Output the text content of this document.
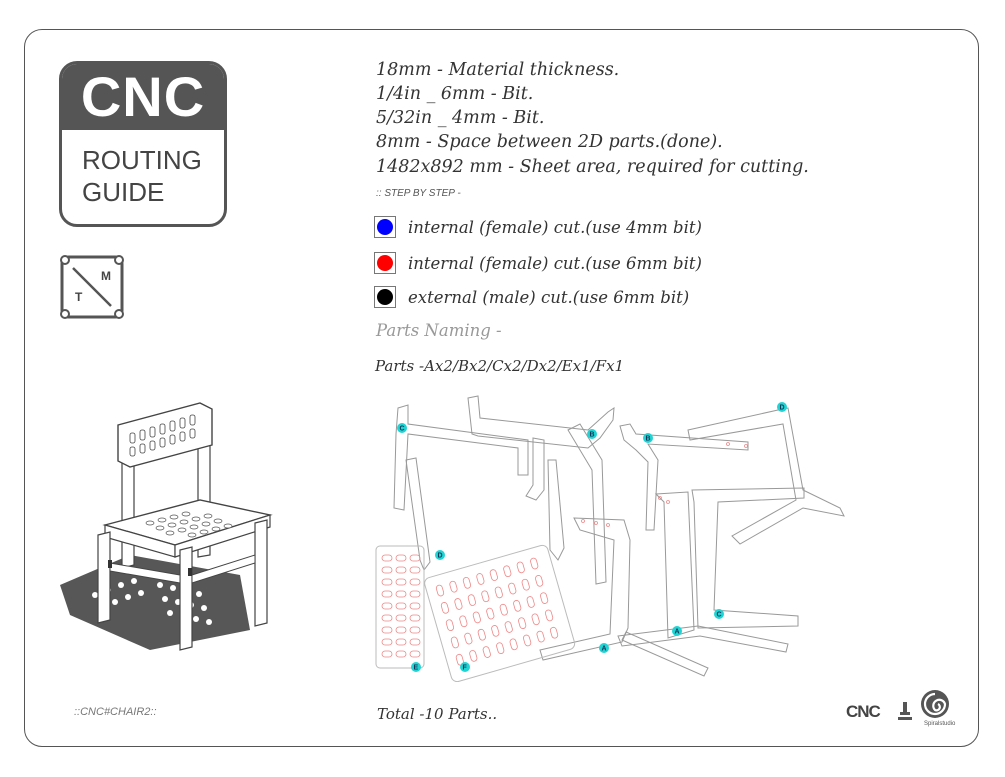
CNC
ROUTING
GUIDE
M
T
18mm - Material thickness.
1/4in _ 6mm - Bit.
5/32in _ 4mm - Bit.
8mm - Space between 2D parts.(done).
1482x892 mm - Sheet area, required for cutting.
:: STEP BY STEP -
internal (female) cut.(use 4mm bit)
internal (female) cut.(use 6mm bit)
external (male) cut.(use 6mm bit)
Parts Naming -
Parts -Ax2/Bx2/Cx2/Dx2/Ex1/Fx1
C
B
B
D
D
C
A
A
E	F
Total -10 Parts..
::CNC#CHAIR2::	CNC
Spiralstudio
